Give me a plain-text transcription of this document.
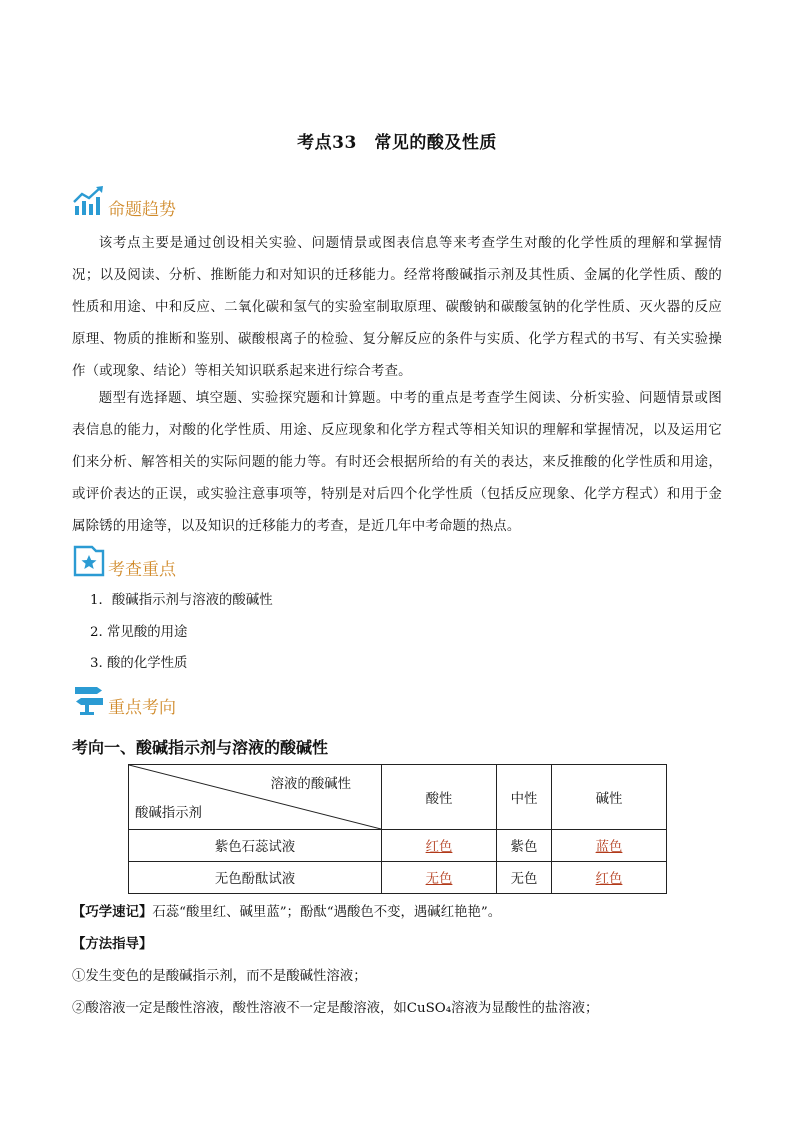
考点33　常见的酸及性质
命题趋势
该考点主要是通过创设相关实验、问题情景或图表信息等来考查学生对酸的化学性质的理解和掌握情况；以及阅读、分析、推断能力和对知识的迁移能力。经常将酸碱指示剂及其性质、金属的化学性质、酸的性质和用途、中和反应、二氧化碳和氢气的实验室制取原理、碳酸钠和碳酸氢钠的化学性质、灭火器的反应原理、物质的推断和鉴别、碳酸根离子的检验、复分解反应的条件与实质、化学方程式的书写、有关实验操作（或现象、结论）等相关知识联系起来进行综合考查。
题型有选择题、填空题、实验探究题和计算题。中考的重点是考查学生阅读、分析实验、问题情景或图表信息的能力，对酸的化学性质、用途、反应现象和化学方程式等相关知识的理解和掌握情况，以及运用它们来分析、解答相关的实际问题的能力等。有时还会根据所给的有关的表达，来反推酸的化学性质和用途，或评价表达的正误，或实验注意事项等，特别是对后四个化学性质（包括反应现象、化学方程式）和用于金属除锈的用途等，以及知识的迁移能力的考查，是近几年中考命题的热点。
考查重点
1．酸碱指示剂与溶液的酸碱性
2. 常见酸的用途
3. 酸的化学性质
重点考向
考向一、酸碱指示剂与溶液的酸碱性
溶液的酸碱性
酸碱指示剂	酸性	中性	碱性
紫色石蕊试液	红色	紫色	蓝色
无色酚酞试液	无色	无色	红色
【巧学速记】石蕊“酸里红、碱里蓝”；酚酞“遇酸色不变，遇碱红艳艳”。
【方法指导】
①发生变色的是酸碱指示剂，而不是酸碱性溶液；
②酸溶液一定是酸性溶液，酸性溶液不一定是酸溶液，如CuSO₄溶液为显酸性的盐溶液；
